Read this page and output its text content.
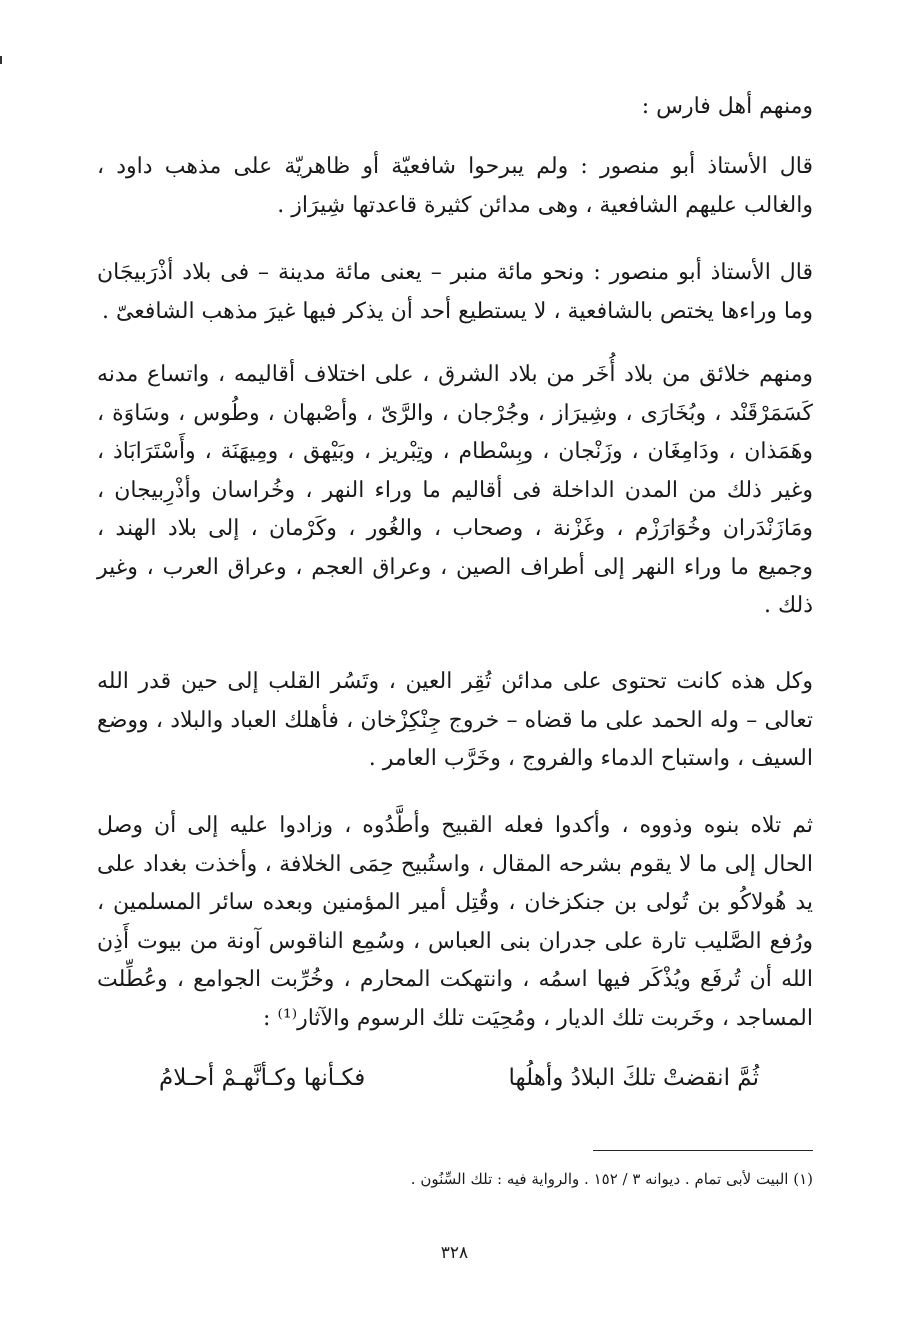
ومنهم أهل فارس :
قال الأستاذ أبو منصور : ولم يبرحوا شافعيّة أو ظاهريّة على مذهب داود ، والغالب عليهم الشافعية ، وهى مدائن كثيرة قاعدتها شِيرَاز .
قال الأستاذ أبو منصور : ونحو مائة منبر – يعنى مائة مدينة – فى بلاد أذْرَبيجَان وما وراءها يختص بالشافعية ، لا يستطيع أحد أن يذكر فيها غيرَ مذهب الشافعىّ .
ومنهم خلائق من بلاد أُخَر من بلاد الشرق ، على اختلاف أقاليمه ، واتساع مدنه كَسَمَرْقَنْد ، وبُخَارَى ، وشِيرَاز ، وجُرْجان ، والرَّىّ ، وأصْبهان ، وطُوس ، وسَاوَة ، وهَمَذان ، ودَامِغَان ، وزَنْجان ، وبِسْطام ، وتِبْريز ، وبَيْهق ، ومِيهَنَة ، وأَسْتَرَابَاذ ، وغير ذلك من المدن الداخلة فى أقاليم ما وراء النهر ، وخُراسان وأذْرِبيجان ، ومَازَنْدَران وخُوَارَزْم ، وغَزْنة ، وصحاب ، والغُور ، وكَرْمان ، إلى بلاد الهند ، وجميع ما وراء النهر إلى أطراف الصين ، وعراق العجم ، وعراق العرب ، وغير ذلك .
وكل هذه كانت تحتوى على مدائن تُقِر العين ، وتَسُر القلب إلى حين قدر الله تعالى – وله الحمد على ما قضاه – خروج جِنْكِزْخان ، فأهلك العباد والبلاد ، ووضع السيف ، واستباح الدماء والفروج ، وخَرَّب العامر .
ثم تلاه بنوه وذووه ، وأكدوا فعله القبيح وأطَّدُوه ، وزادوا عليه إلى أن وصل الحال إلى ما لا يقوم بشرحه المقال ، واستُبيح حِمَى الخلافة ، وأخذت بغداد على يد هُولاكُو بن تُولى بن جنكزخان ، وقُتِل أمير المؤمنين وبعده سائر المسلمين ، ورُفع الصَّليب تارة على جدران بنى العباس ، وسُمِع الناقوس آونة من بيوت أَذِن الله أن تُرفَع ويُذْكَر فيها اسمُه ، وانتهكت المحارم ، وخُرِّبت الجوامع ، وعُطِّلت المساجد ، وخَربت تلك الديار ، ومُحِيَت تلك الرسوم والآثار⁽¹⁾ :
ثُمَّ انقضتْ تلكَ البلادُ وأهلُها
فكـأنها وكـأنَّهـمْ أحـلامُ
(١) البيت لأبى تمام . ديوانه ٣ / ١٥٢ . والرواية فيه : تلك السِّنُون .
٣٢٨
